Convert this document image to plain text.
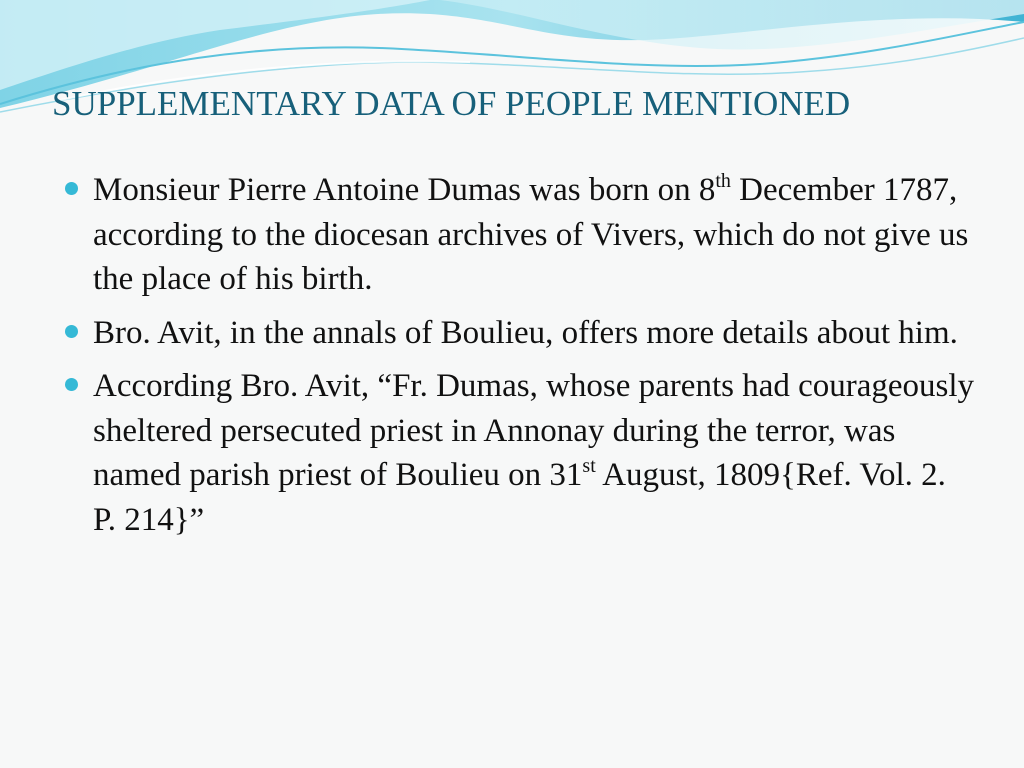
SUPPLEMENTARY DATA OF PEOPLE MENTIONED
Monsieur Pierre Antoine Dumas was born on 8th December 1787, according to the diocesan archives of Vivers, which do not give us the place of his birth.
Bro. Avit, in the annals of Boulieu, offers more details about him.
According Bro. Avit, “Fr. Dumas, whose parents had courageously sheltered persecuted priest in Annonay during the terror, was named parish priest of Boulieu on 31st August, 1809{Ref. Vol. 2. P. 214}”
